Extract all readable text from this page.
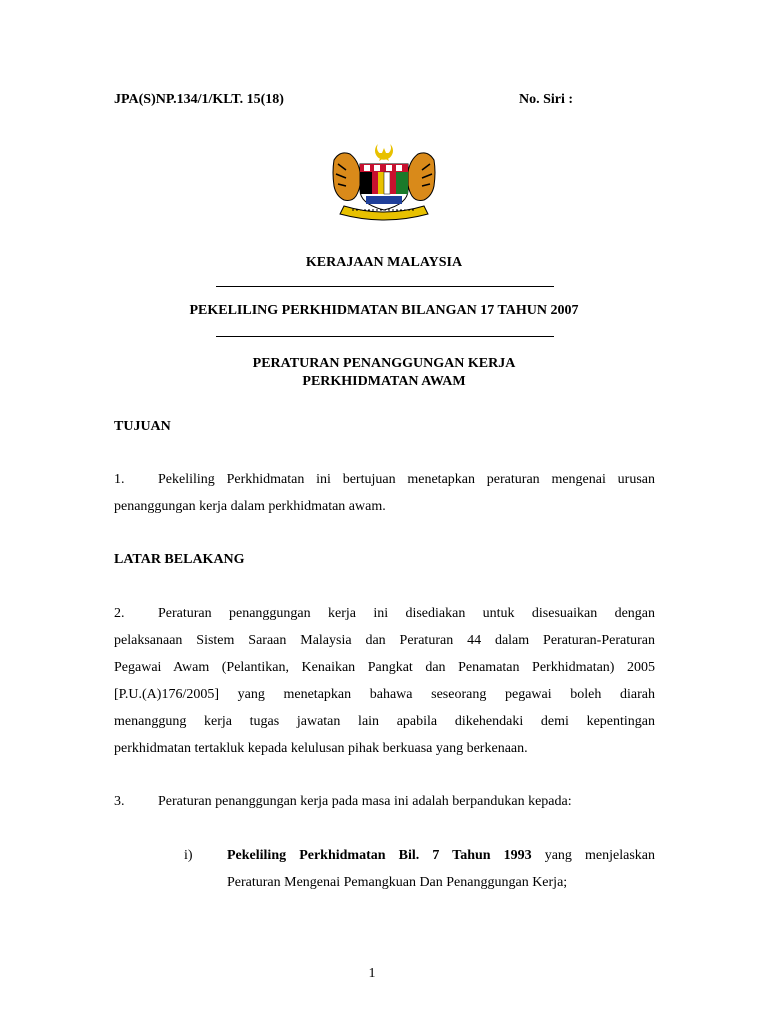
JPA(S)NP.134/1/KLT. 15(18)	No. Siri :
KERAJAAN MALAYSIA
PEKELILING PERKHIDMATAN BILANGAN 17 TAHUN 2007
PERATURAN PENANGGUNGAN KERJA
PERKHIDMATAN AWAM
TUJUAN
1.	Pekeliling Perkhidmatan ini bertujuan menetapkan peraturan mengenai urusan
penanggungan kerja dalam perkhidmatan awam.
LATAR BELAKANG
2.	Peraturan penanggungan kerja ini disediakan untuk disesuaikan dengan
pelaksanaan Sistem Saraan Malaysia dan Peraturan 44 dalam Peraturan-Peraturan
Pegawai Awam (Pelantikan, Kenaikan Pangkat dan Penamatan Perkhidmatan) 2005
[P.U.(A)176/2005] yang menetapkan bahawa seseorang pegawai boleh diarah
menanggung kerja tugas jawatan lain apabila dikehendaki demi kepentingan
perkhidmatan tertakluk kepada kelulusan pihak berkuasa yang berkenaan.
3.	Peraturan penanggungan kerja pada masa ini adalah berpandukan kepada:
i)	Pekeliling Perkhidmatan Bil. 7 Tahun 1993 yang menjelaskan
Peraturan Mengenai Pemangkuan Dan Penanggungan Kerja;
1
